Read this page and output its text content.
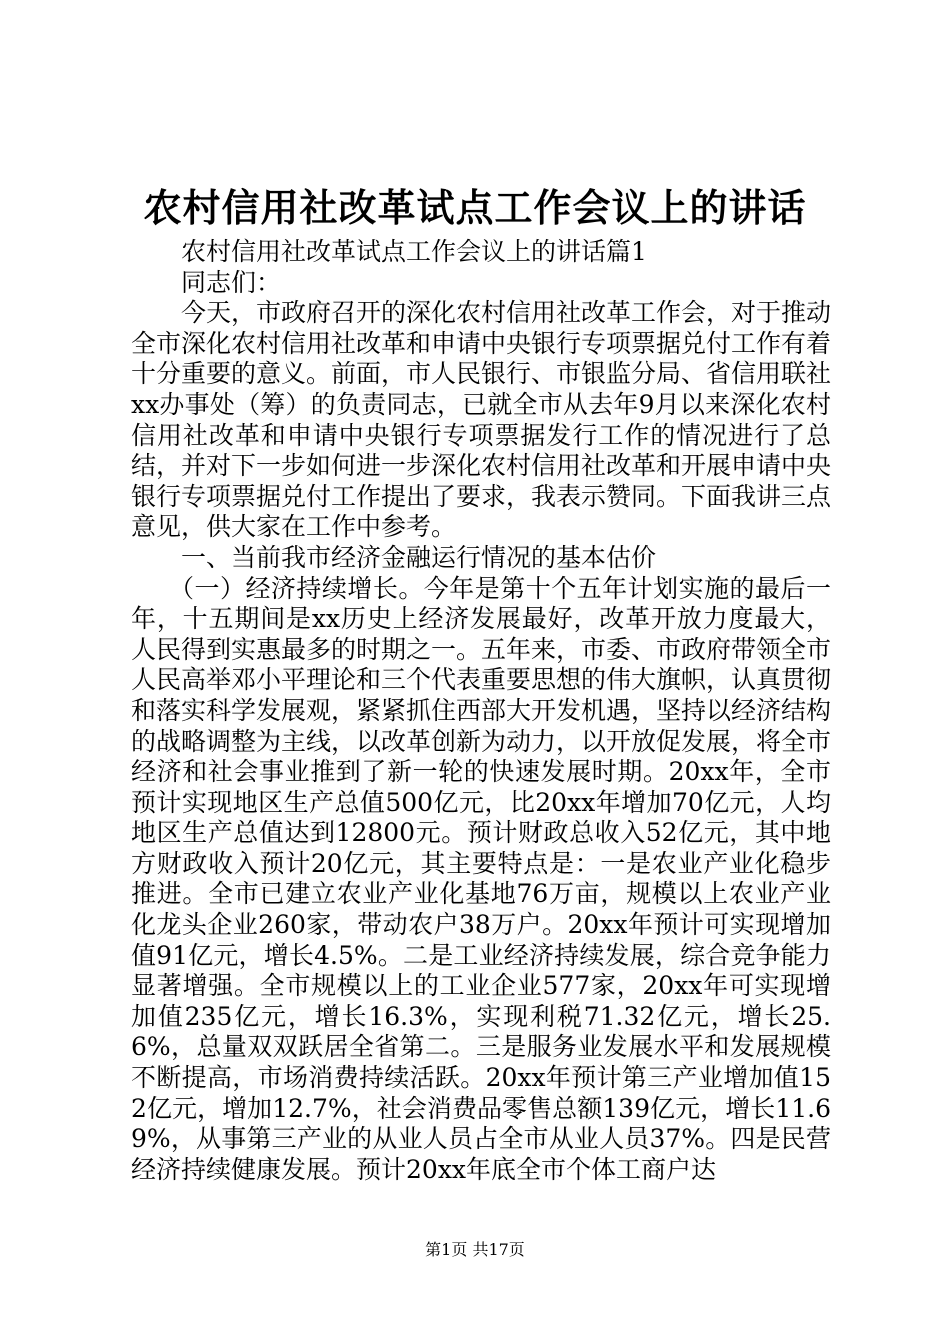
农村信用社改革试点工作会议上的讲话

农村信用社改革试点工作会议上的讲话篇1

同志们：

今天，市政府召开的深化农村信用社改革工作会，对于推动全市深化农村信用社改革和申请中央银行专项票据兑付工作有着十分重要的意义。前面，市人民银行、市银监分局、省信用联社xx办事处（筹）的负责同志，已就全市从去年9月以来深化农村信用社改革和申请中央银行专项票据发行工作的情况进行了总结，并对下一步如何进一步深化农村信用社改革和开展申请中央银行专项票据兑付工作提出了要求，我表示赞同。下面我讲三点意见，供大家在工作中参考。

一、当前我市经济金融运行情况的基本估价

（一）经济持续增长。今年是第十个五年计划实施的最后一年，十五期间是xx历史上经济发展最好，改革开放力度最大，人民得到实惠最多的时期之一。五年来，市委、市政府带领全市人民高举邓小平理论和三个代表重要思想的伟大旗帜，认真贯彻和落实科学发展观，紧紧抓住西部大开发机遇，坚持以经济结构的战略调整为主线，以改革创新为动力，以开放促发展，将全市经济和社会事业推到了新一轮的快速发展时期。20xx年，全市预计实现地区生产总值500亿元，比20xx年增加70亿元，人均地区生产总值达到12800元。预计财政总收入52亿元，其中地方财政收入预计20亿元，其主要特点是：一是农业产业化稳步推进。全市已建立农业产业化基地76万亩，规模以上农业产业化龙头企业260家，带动农户38万户。20xx年预计可实现增加值91亿元，增长4.5%。二是工业经济持续发展，综合竞争能力显著增强。全市规模以上的工业企业577家，20xx年可实现增加值235亿元，增长16.3%，实现利税71.32亿元，增长25.6%，总量双双跃居全省第二。三是服务业发展水平和发展规模不断提高，市场消费持续活跃。20xx年预计第三产业增加值152亿元，增加12.7%，社会消费品零售总额139亿元，增长11.69%，从事第三产业的从业人员占全市从业人员37%。四是民营经济持续健康发展。预计20xx年底全市个体工商户达

第1页 共17页
